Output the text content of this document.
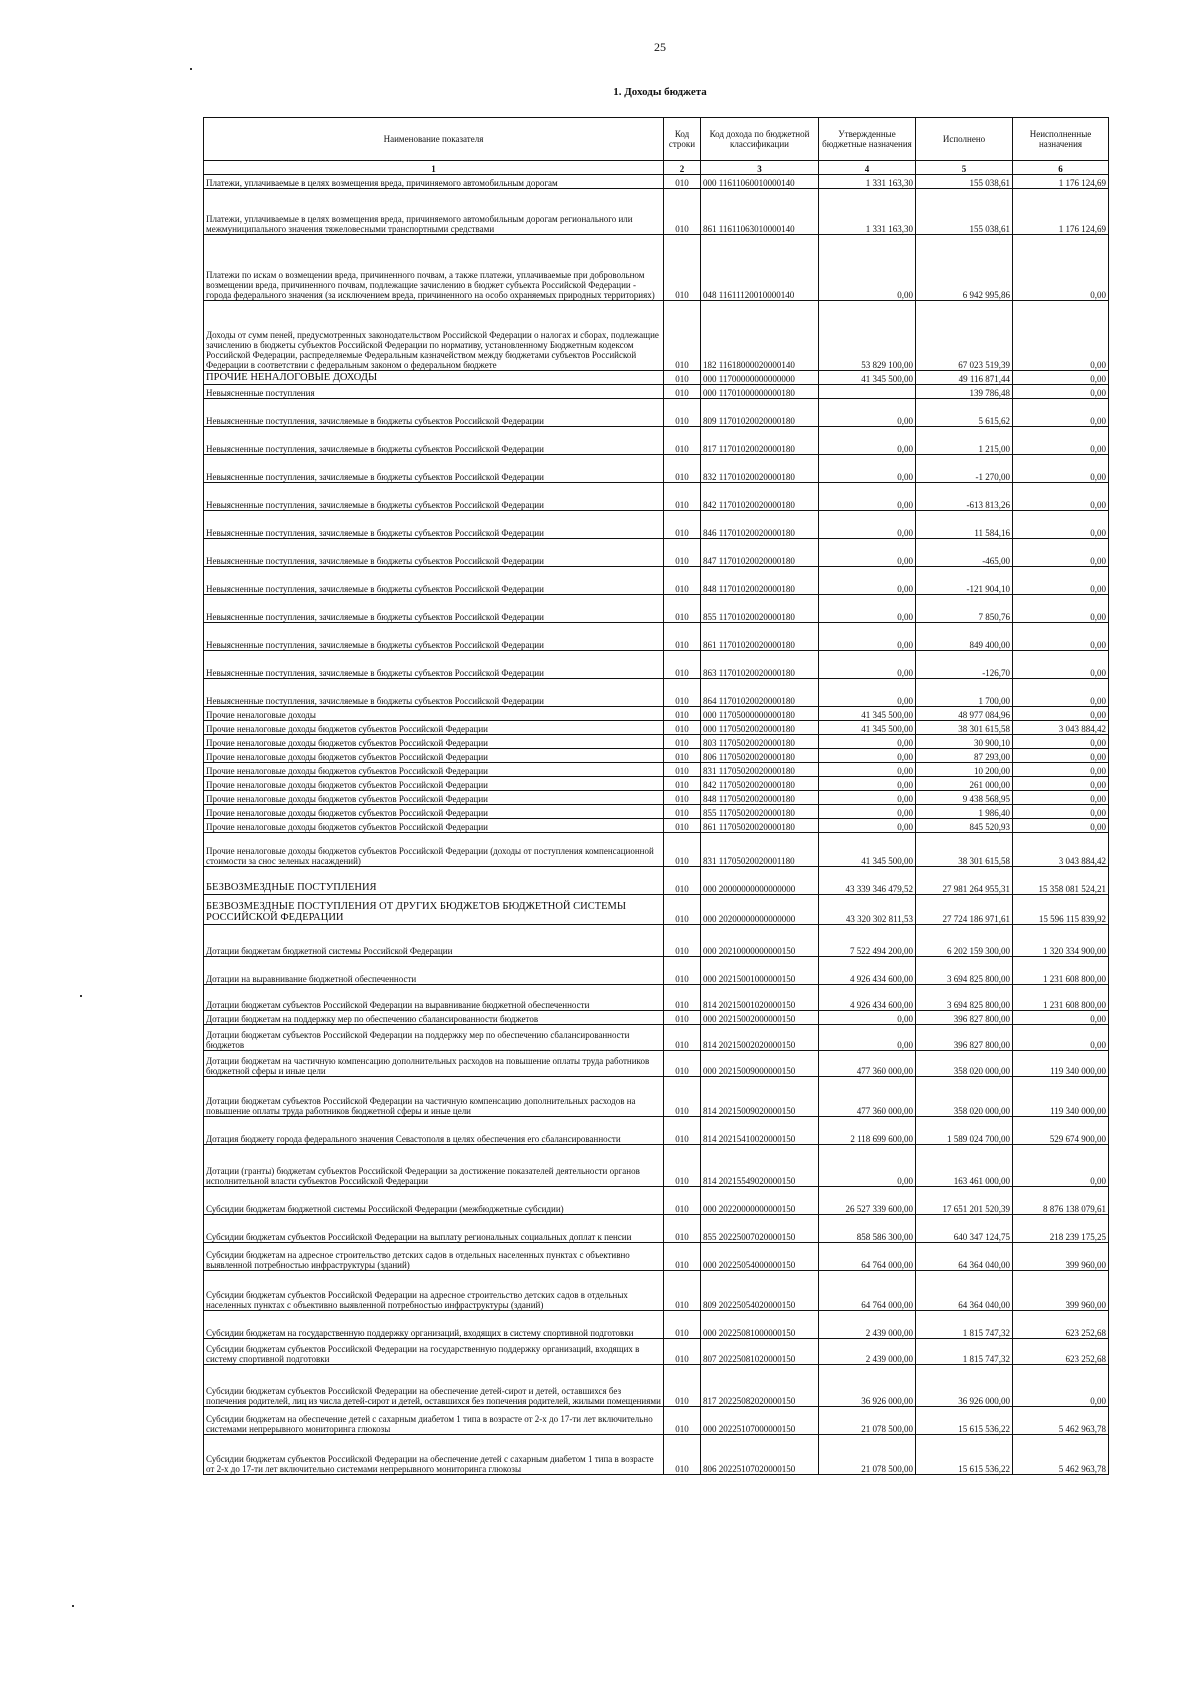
25
1. Доходы бюджета
Наименование показателя	Код строки	Код дохода по бюджетной классификации	Утвержденные бюджетные назначения	Исполнено	Неисполненные назначения
1	2	3	4	5	6
Платежи, уплачиваемые в целях возмещения вреда, причиняемого автомобильным дорогам	010	000 11611060010000140	1 331 163,30	155 038,61	1 176 124,69
Платежи, уплачиваемые в целях возмещения вреда, причиняемого автомобильным дорогам регионального или межмуниципального значения тяжеловесными транспортными средствами	010	861 11611063010000140	1 331 163,30	155 038,61	1 176 124,69
Платежи по искам о возмещении вреда, причиненного почвам, а также платежи, уплачиваемые при добровольном возмещении вреда, причиненного почвам, подлежащие зачислению в бюджет субъекта Российской Федерации - города федерального значения (за исключением вреда, причиненного на особо охраняемых природных территориях)	010	048 11611120010000140	0,00	6 942 995,86	0,00
Доходы от сумм пеней, предусмотренных законодательством Российской Федерации о налогах и сборах, подлежащие зачислению в бюджеты субъектов Российской Федерации по нормативу, установленному Бюджетным кодексом Российской Федерации, распределяемые Федеральным казначейством между бюджетами субъектов Российской Федерации в соответствии с федеральным законом о федеральном бюджете	010	182 11618000020000140	53 829 100,00	67 023 519,39	0,00
ПРОЧИЕ НЕНАЛОГОВЫЕ ДОХОДЫ	010	000 11700000000000000	41 345 500,00	49 116 871,44	0,00
Невыясненные поступления	010	000 11701000000000180		139 786,48	0,00
Невыясненные поступления, зачисляемые в бюджеты субъектов Российской Федерации	010	809 11701020020000180	0,00	5 615,62	0,00
Невыясненные поступления, зачисляемые в бюджеты субъектов Российской Федерации	010	817 11701020020000180	0,00	1 215,00	0,00
Невыясненные поступления, зачисляемые в бюджеты субъектов Российской Федерации	010	832 11701020020000180	0,00	-1 270,00	0,00
Невыясненные поступления, зачисляемые в бюджеты субъектов Российской Федерации	010	842 11701020020000180	0,00	-613 813,26	0,00
Невыясненные поступления, зачисляемые в бюджеты субъектов Российской Федерации	010	846 11701020020000180	0,00	11 584,16	0,00
Невыясненные поступления, зачисляемые в бюджеты субъектов Российской Федерации	010	847 11701020020000180	0,00	-465,00	0,00
Невыясненные поступления, зачисляемые в бюджеты субъектов Российской Федерации	010	848 11701020020000180	0,00	-121 904,10	0,00
Невыясненные поступления, зачисляемые в бюджеты субъектов Российской Федерации	010	855 11701020020000180	0,00	7 850,76	0,00
Невыясненные поступления, зачисляемые в бюджеты субъектов Российской Федерации	010	861 11701020020000180	0,00	849 400,00	0,00
Невыясненные поступления, зачисляемые в бюджеты субъектов Российской Федерации	010	863 11701020020000180	0,00	-126,70	0,00
Невыясненные поступления, зачисляемые в бюджеты субъектов Российской Федерации	010	864 11701020020000180	0,00	1 700,00	0,00
Прочие неналоговые доходы	010	000 11705000000000180	41 345 500,00	48 977 084,96	0,00
Прочие неналоговые доходы бюджетов субъектов Российской Федерации	010	000 11705020020000180	41 345 500,00	38 301 615,58	3 043 884,42
Прочие неналоговые доходы бюджетов субъектов Российской Федерации	010	803 11705020020000180	0,00	30 900,10	0,00
Прочие неналоговые доходы бюджетов субъектов Российской Федерации	010	806 11705020020000180	0,00	87 293,00	0,00
Прочие неналоговые доходы бюджетов субъектов Российской Федерации	010	831 11705020020000180	0,00	10 200,00	0,00
Прочие неналоговые доходы бюджетов субъектов Российской Федерации	010	842 11705020020000180	0,00	261 000,00	0,00
Прочие неналоговые доходы бюджетов субъектов Российской Федерации	010	848 11705020020000180	0,00	9 438 568,95	0,00
Прочие неналоговые доходы бюджетов субъектов Российской Федерации	010	855 11705020020000180	0,00	1 986,40	0,00
Прочие неналоговые доходы бюджетов субъектов Российской Федерации	010	861 11705020020000180	0,00	845 520,93	0,00
Прочие неналоговые доходы бюджетов субъектов Российской Федерации (доходы от поступления компенсационной стоимости за снос зеленых насаждений)	010	831 11705020020001180	41 345 500,00	38 301 615,58	3 043 884,42
БЕЗВОЗМЕЗДНЫЕ ПОСТУПЛЕНИЯ	010	000 20000000000000000	43 339 346 479,52	27 981 264 955,31	15 358 081 524,21
БЕЗВОЗМЕЗДНЫЕ ПОСТУПЛЕНИЯ ОТ ДРУГИХ БЮДЖЕТОВ БЮДЖЕТНОЙ СИСТЕМЫ РОССИЙСКОЙ ФЕДЕРАЦИИ	010	000 20200000000000000	43 320 302 811,53	27 724 186 971,61	15 596 115 839,92
Дотации бюджетам бюджетной системы Российской Федерации	010	000 20210000000000150	7 522 494 200,00	6 202 159 300,00	1 320 334 900,00
Дотации на выравнивание бюджетной обеспеченности	010	000 20215001000000150	4 926 434 600,00	3 694 825 800,00	1 231 608 800,00
Дотации бюджетам субъектов Российской Федерации на выравнивание бюджетной обеспеченности	010	814 20215001020000150	4 926 434 600,00	3 694 825 800,00	1 231 608 800,00
Дотации бюджетам на поддержку мер по обеспечению сбалансированности бюджетов	010	000 20215002000000150	0,00	396 827 800,00	0,00
Дотации бюджетам субъектов Российской Федерации на поддержку мер по обеспечению сбалансированности бюджетов	010	814 20215002020000150	0,00	396 827 800,00	0,00
Дотации бюджетам на частичную компенсацию дополнительных расходов на повышение оплаты труда работников бюджетной сферы и иные цели	010	000 20215009000000150	477 360 000,00	358 020 000,00	119 340 000,00
Дотации бюджетам субъектов Российской Федерации на частичную компенсацию дополнительных расходов на повышение оплаты труда работников бюджетной сферы и иные цели	010	814 20215009020000150	477 360 000,00	358 020 000,00	119 340 000,00
Дотация бюджету города федерального значения Севастополя в целях обеспечения его сбалансированности	010	814 20215410020000150	2 118 699 600,00	1 589 024 700,00	529 674 900,00
Дотации (гранты) бюджетам субъектов Российской Федерации за достижение показателей деятельности органов исполнительной власти субъектов Российской Федерации	010	814 20215549020000150	0,00	163 461 000,00	0,00
Субсидии бюджетам бюджетной системы Российской Федерации (межбюджетные субсидии)	010	000 20220000000000150	26 527 339 600,00	17 651 201 520,39	8 876 138 079,61
Субсидии бюджетам субъектов Российской Федерации на выплату региональных социальных доплат к пенсии	010	855 20225007020000150	858 586 300,00	640 347 124,75	218 239 175,25
Субсидии бюджетам на адресное строительство детских садов в отдельных населенных пунктах с объективно выявленной потребностью инфраструктуры (зданий)	010	000 20225054000000150	64 764 000,00	64 364 040,00	399 960,00
Субсидии бюджетам субъектов Российской Федерации на адресное строительство детских садов в отдельных населенных пунктах с объективно выявленной потребностью инфраструктуры (зданий)	010	809 20225054020000150	64 764 000,00	64 364 040,00	399 960,00
Субсидии бюджетам на государственную поддержку организаций, входящих в систему спортивной подготовки	010	000 20225081000000150	2 439 000,00	1 815 747,32	623 252,68
Субсидии бюджетам субъектов Российской Федерации на государственную поддержку организаций, входящих в систему спортивной подготовки	010	807 20225081020000150	2 439 000,00	1 815 747,32	623 252,68
Субсидии бюджетам субъектов Российской Федерации на обеспечение детей-сирот и детей, оставшихся без попечения родителей, лиц из числа детей-сирот и детей, оставшихся без попечения родителей, жилыми помещениями	010	817 20225082020000150	36 926 000,00	36 926 000,00	0,00
Субсидии бюджетам на обеспечение детей с сахарным диабетом 1 типа в возрасте от 2-х до 17-ти лет включительно системами непрерывного мониторинга глюкозы	010	000 20225107000000150	21 078 500,00	15 615 536,22	5 462 963,78
Субсидии бюджетам субъектов Российской Федерации на обеспечение детей с сахарным диабетом 1 типа в возрасте от 2-х до 17-ти лет включительно системами непрерывного мониторинга глюкозы	010	806 20225107020000150	21 078 500,00	15 615 536,22	5 462 963,78
